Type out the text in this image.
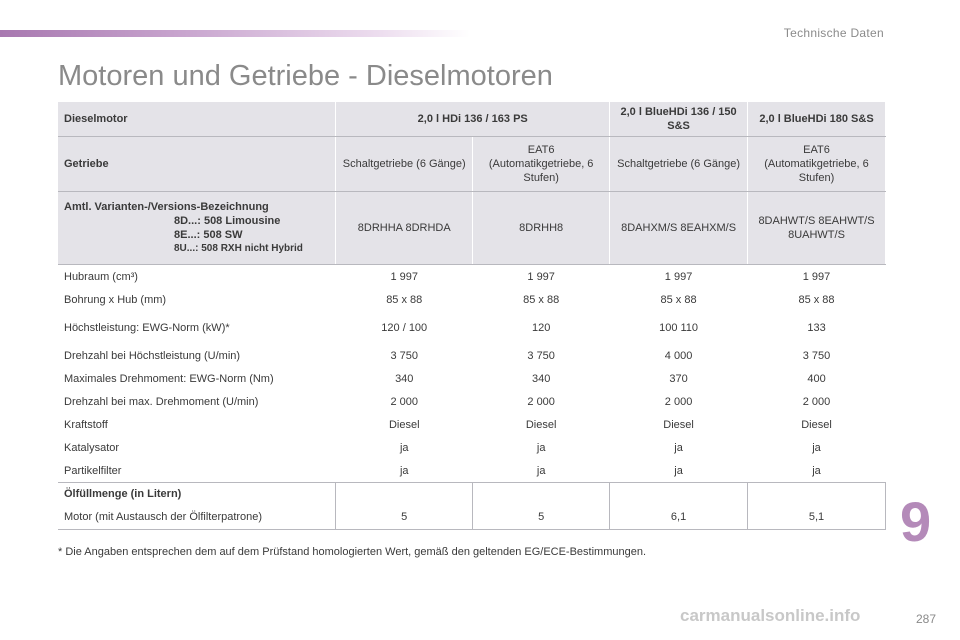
Technische Daten
Motoren und Getriebe - Dieselmotoren
Dieselmotor	2,0 l HDi 136 / 163 PS		2,0 l BlueHDi 136 / 150 S&S	2,0 l BlueHDi 180 S&S
Getriebe	Schaltgetriebe (6 Gänge)	EAT6 (Automatikgetriebe, 6 Stufen)	Schaltgetriebe (6 Gänge)	EAT6 (Automatikgetriebe, 6 Stufen)
Amtl. Varianten-/Versions-Bezeichnung
8D...: 508 Limousine
8E...: 508 SW
8U...: 508 RXH nicht Hybrid	8DRHHA 8DRHDA	8DRHH8	8DAHXM/S 8EAHXM/S	8DAHWT/S 8EAHWT/S 8UAHWT/S
Hubraum (cm³)	1 997	1 997	1 997	1 997
Bohrung x Hub (mm)	85 x 88	85 x 88	85 x 88	85 x 88
Höchstleistung: EWG-Norm (kW)*	120 / 100	120	100 110	133
Drehzahl bei Höchstleistung (U/min)	3 750	3 750	4 000	3 750
Maximales Drehmoment: EWG-Norm (Nm)	340	340	370	400
Drehzahl bei max. Drehmoment (U/min)	2 000	2 000	2 000	2 000
Kraftstoff	Diesel	Diesel	Diesel	Diesel
Katalysator	ja	ja	ja	ja
Partikelfilter	ja	ja	ja	ja
Ölfüllmenge (in Litern)				
Motor (mit Austausch der Ölfilterpatrone)	5	5	6,1	5,1
* Die Angaben entsprechen dem auf dem Prüfstand homologierten Wert, gemäß den geltenden EG/ECE-Bestimmungen.	9
287
carmanualsonline.info
